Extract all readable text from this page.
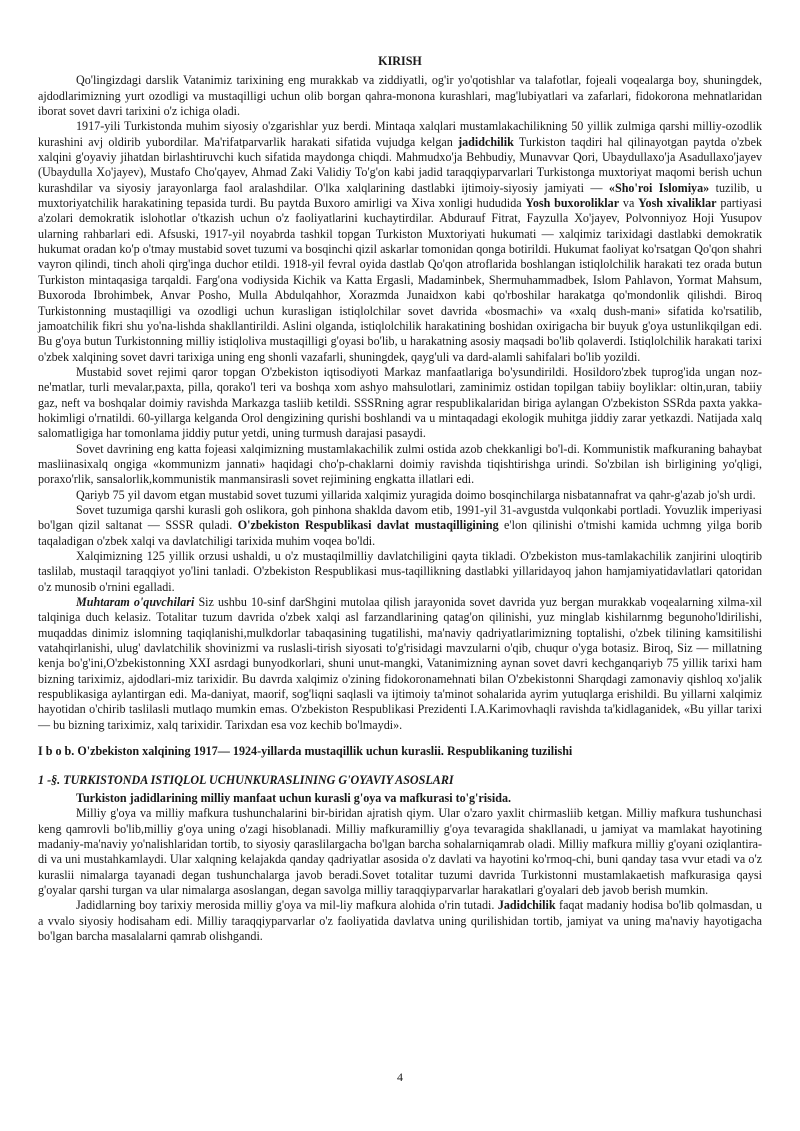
KIRISH

Qo'lingizdagi darslik Vatanimiz tarixining eng murakkab va ziddiyatli, og'ir yo'qotishlar va talafotlar, fojeali voqealarga boy, shuningdek, ajdodlarimizning yurt ozodligi va mustaqilligi uchun olib borgan qahra-monona kurashlari, mag'lubiyatlari va zafarlari, fidokorona mehnatlaridan iborat sovet davri tarixini o'z ichiga oladi.

1917-yili Turkistonda muhim siyosiy o'zgarishlar yuz berdi. Mintaqa xalqlari mustamlakachilikning 50 yillik zulmiga qarshi milliy-ozodlik kurashini avj oldirib yubordilar. Ma'rifatparvarlik harakati sifatida vujudga kelgan jadidchilik Turkiston taqdiri hal qilinayotgan paytda o'zbek xalqini g'oyaviy jihatdan birlashtiruvchi kuch sifatida maydonga chiqdi. Mahmudxo'ja Behbudiy, Munavvar Qori, Ubaydullaxo'ja Asadullaxo'jayev (Ubaydulla Xo'jayev), Mustafo Cho'qayev, Ahmad Zaki Validiy To'g'on kabi jadid taraqqiyparvarlari Turkistonga muxtoriyat maqomi berish uchun kurashdilar va siyosiy jarayonlarga faol aralashdilar. O'lka xalqlarining dastlabki ijtimoiy-siyosiy jamiyati — «Sho'roi Islomiya» tuzilib, u muxtoriyatchilik harakatining tepasida turdi. Bu paytda Buxoro amirligi va Xiva xonligi hududida Yosh buxoroliklar va Yosh xivaliklar partiyasi a'zolari demokratik islohotlar o'tkazish uchun o'z faoliyatlarini kuchaytirdilar. Abdurauf Fitrat, Fayzulla Xo'jayev, Polvonniyoz Hoji Yusupov ularning rahbarlari edi. Afsuski, 1917-yil noyabrda tashkil topgan Turkiston Muxtoriyati hukumati — xalqimiz tarixidagi dastlabki demokratik hukumat oradan ko'p o'tmay mustabid sovet tuzumi va bosqinchi qizil askarlar tomonidan qonga botirildi. Hukumat faoliyat ko'rsatgan Qo'qon shahri vayron qilindi, tinch aholi qirg'inga duchor etildi. 1918-yil fevral oyida dastlab Qo'qon atroflarida boshlangan istiqlolchilik harakati tez orada butun Turkiston mintaqasiga tarqaldi. Farg'ona vodiysida Kichik va Katta Ergasli, Madaminbek, Shermuhammadbek, Islom Pahlavon, Yormat Mahsum, Buxoroda Ibrohimbek, Anvar Posho, Mulla Abdulqahhor, Xorazmda Junaidxon kabi qo'rboshilar harakatga qo'mondonlik qilishdi. Biroq Turkistonning mustaqilligi va ozodligi uchun kurasligan istiqlolchilar sovet davrida «bosmachi» va «xalq dush-mani» sifatida ko'rsatilib, jamoatchilik fikri shu yo'na-lishda shakllantirildi. Aslini olganda, istiqlolchilik harakatining boshidan oxirigacha bir buyuk g'oya ustunlikqilgan edi. Bu g'oya butun Turkistonning milliy istiqloliva mustaqilligi g'oyasi bo'lib, u harakatning asosiy maqsadi bo'lib qolaverdi. Istiqlolchilik harakati tarixi o'zbek xalqining sovet davri tarixiga uning eng shonli vazafarli, shuningdek, qayg'uli va dard-alamli sahifalari bo'lib yozildi.

Mustabid sovet rejimi qaror topgan O'zbekiston iqtisodiyoti Markaz manfaatlariga bo'ysundirildi. Hosildoro'zbek tuprog'ida ungan noz-ne'matlar, turli mevalar,paxta, pilla, qorako'l teri va boshqa xom ashyo mahsulotlari, zaminimiz ostidan topilgan tabiiy boyliklar: oltin,uran, tabiiy gaz, neft va boshqalar doimiy ravishda Markazga tasliib ketildi. SSSRning agrar respublikalaridan biriga aylangan O'zbekiston SSRda paxta yakka-hokimligi o'rnatildi. 60-yillarga kelganda Orol dengizining qurishi boshlandi va u mintaqadagi ekologik muhitga jiddiy zarar yetkazdi. Natijada xalq salomatligiga har tomonlama jiddiy putur yetdi, uning turmush darajasi pasaydi.

Sovet davrining eng katta fojeasi xalqimizning mustamlakachilik zulmi ostida azob chekkanligi bo'l-di. Kommunistik mafkuraning bahaybat masliinasixalq ongiga «kommunizm jannati» haqidagi cho'p-chaklarni doimiy ravishda tiqishtirishga urindi. So'zbilan ish birligining yo'qligi, poraxo'rlik, sansalorlik,kommunistik manmansirasli sovet rejimining engkatta illatlari edi.

Qariyb 75 yil davom etgan mustabid sovet tuzumi yillarida xalqimiz yuragida doimo bosqinchilarga nisbatannafrat va qahr-g'azab jo'sh urdi.

Sovet tuzumiga qarshi kurasli goh oslikora, goh pinhona shaklda davom etib, 1991-yil 31-avgustda vulqonkabi portladi. Yovuzlik imperiyasi bo'lgan qizil saltanat — SSSR quladi. O'zbekiston Respublikasi davlat mustaqilligining e'lon qilinishi o'tmishi kamida uchmng yilga borib taqaladigan o'zbek xalqi va davlatchiligi tarixida muhim voqea bo'ldi.

Xalqimizning 125 yillik orzusi ushaldi, u o'z mustaqilmilliy davlatchiligini qayta tikladi. O'zbekiston mus-tamlakachilik zanjirini uloqtirib taslilab, mustaqil taraqqiyot yo'lini tanladi. O'zbekiston Respublikasi mus-taqillikning dastlabki yillaridayoq jahon hamjamiyatidavlatlari qatoridan o'z munosib o'rnini egalladi.

Muhtaram o'quvchilari Siz ushbu 10-sinf darShgini mutolaa qilish jarayonida sovet davrida yuz bergan murakkab voqealarning xilma-xil talqiniga duch kelasiz. Totalitar tuzum davrida o'zbek xalqi asl farzandlarining qatag'on qilinishi, yuz minglab kishilarnmg begunoho'ldirilishi, muqaddas dinimiz islomning taqiqlanishi,mulkdorlar tabaqasining tugatilishi, ma'naviy qadriyatlarimizning toptalishi, o'zbek tilining kamsitilishi vatahqirlanishi, ulug' davlatchilik shovinizmi va ruslasli-tirish siyosati to'g'risidagi mavzularni o'qib, chuqur o'yga botasiz. Biroq, Siz — millatning kenja bo'g'ini,O'zbekistonning XXI asrdagi bunyodkorlari, shuni unut-mangki, Vatanimizning aynan sovet davri kechganqariyb 75 yillik tarixi ham bizning tariximiz, ajdodlari-miz tarixidir. Bu davrda xalqimiz o'zining fidokoronamehnati bilan O'zbekistonni Sharqdagi zamonaviy qishloq xo'jalik respublikasiga aylantirgan edi. Ma-daniyat, maorif, sog'liqni saqlasli va ijtimoiy ta'minot sohalarida ayrim yutuqlarga erishildi. Bu yillarni xalqimiz hayotidan o'chirib taslilasli mutlaqo mumkin emas. O'zbekiston Respublikasi Prezidenti I.A.Karimovhaqli ravishda ta'kidlaganidek, «Bu yillar tarixi — bu bizning tariximiz, xalq tarixidir. Tarixdan esa voz kechib bo'lmaydi».

I b o b. O'zbekiston xalqining 1917— 1924-yillarda mustaqillik uchun kuraslii. Respublikaning tuzilishi
1 -§. TURKISTONDA ISTIQLOL UCHUNKURASLINING G'OYAVIY ASOSLARI

Turkiston jadidlarining milliy manfaat uchun kurasli g'oya va mafkurasi to'g'risida.

Milliy g'oya va milliy mafkura tushunchalarini bir-biridan ajratish qiym. Ular o'zaro yaxlit chirmasliib ketgan. Milliy mafkura tushunchasi keng qamrovli bo'lib,milliy g'oya uning o'zagi hisoblanadi. Milliy mafkuramilliy g'oya tevaragida shakllanadi, u jamiyat va mamlakat hayotining madaniy-ma'naviy yo'nalishlaridan tortib, to siyosiy qaraslilargacha bo'lgan barcha sohalarniqamrab oladi. Milliy mafkura milliy g'oyani oziqlantira-di va uni mustahkamlaydi. Ular xalqning kelajakda qanday qadriyatlar asosida o'z davlati va hayotini ko'rmoq-chi, buni qanday tasa vvur etadi va o'z kuraslii nimalarga tayanadi degan tushunchalarga javob beradi.Sovet totalitar tuzumi davrida Turkistonni mustamlakaetish mafkurasiga qaysi g'oyalar qarshi turgan va ular nimalarga asoslangan, degan savolga milliy taraqqiyparvarlar harakatlari g'oyalari deb javob berish mumkin.

Jadidlarning boy tarixiy merosida milliy g'oya va mil-liy mafkura alohida o'rin tutadi. Jadidchilik faqat madaniy hodisa bo'lib qolmasdan, u a vvalo siyosiy hodisaham edi. Milliy taraqqiyparvarlar o'z faoliyatida davlatva uning qurilishidan tortib, jamiyat va uning ma'naviy hayotigacha bo'lgan barcha masalalarni qamrab olishgandi.

4
